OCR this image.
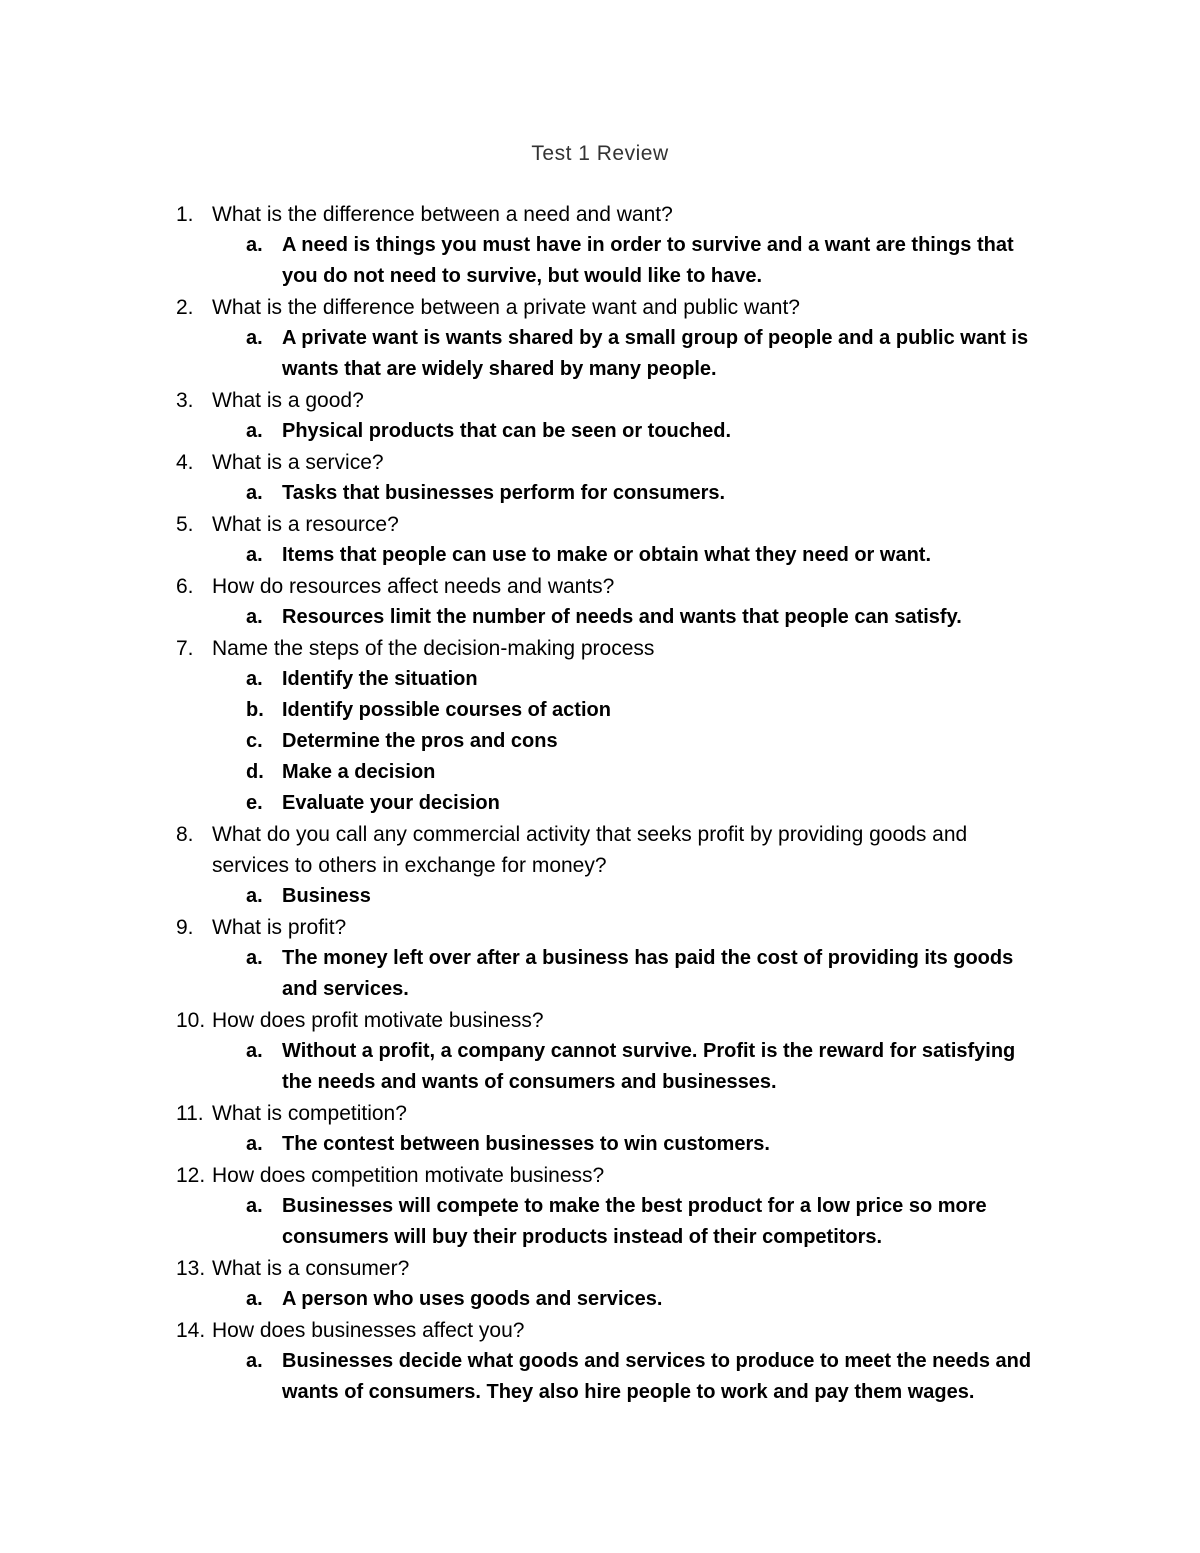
Test 1 Review
1. What is the difference between a need and want?
a. A need is things you must have in order to survive and a want are things that you do not need to survive, but would like to have.
2. What is the difference between a private want and public want?
a. A private want is wants shared by a small group of people and a public want is wants that are widely shared by many people.
3. What is a good?
a. Physical products that can be seen or touched.
4. What is a service?
a. Tasks that businesses perform for consumers.
5. What is a resource?
a. Items that people can use to make or obtain what they need or want.
6. How do resources affect needs and wants?
a. Resources limit the number of needs and wants that people can satisfy.
7. Name the steps of the decision-making process
a. Identify the situation
b. Identify possible courses of action
c. Determine the pros and cons
d. Make a decision
e. Evaluate your decision
8. What do you call any commercial activity that seeks profit by providing goods and services to others in exchange for money?
a. Business
9. What is profit?
a. The money left over after a business has paid the cost of providing its goods and services.
10. How does profit motivate business?
a. Without a profit, a company cannot survive. Profit is the reward for satisfying the needs and wants of consumers and businesses.
11. What is competition?
a. The contest between businesses to win customers.
12. How does competition motivate business?
a. Businesses will compete to make the best product for a low price so more consumers will buy their products instead of their competitors.
13. What is a consumer?
a. A person who uses goods and services.
14. How does businesses affect you?
a. Businesses decide what goods and services to produce to meet the needs and wants of consumers. They also hire people to work and pay them wages.
